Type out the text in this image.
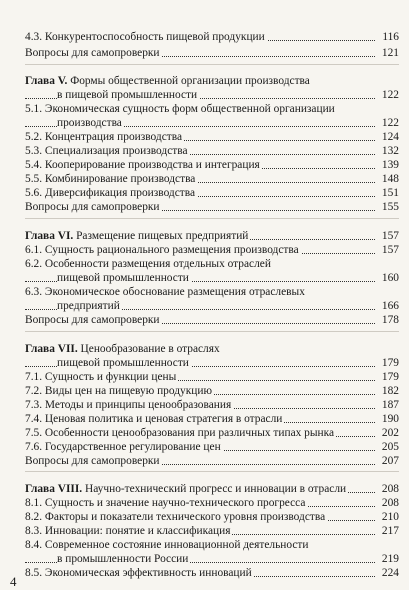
4.3. Конкурентоспособность пищевой продукции	116
Вопросы для самопроверки	121
Глава V. Формы общественной организации производства
в пищевой промышленности	122
5.1. Экономическая сущность форм общественной организации
производства	122
5.2. Концентрация производства	124
5.3. Специализация производства	132
5.4. Кооперирование производства и интеграция	139
5.5. Комбинирование производства	148
5.6. Диверсификация производства	151
Вопросы для самопроверки	155
Глава VI. Размещение пищевых предприятий	157
6.1. Сущность рационального размещения производства	157
6.2. Особенности размещения отдельных отраслей
пищевой промышленности	160
6.3. Экономическое обоснование размещения отраслевых
предприятий	166
Вопросы для самопроверки	178
Глава VII. Ценообразование в отраслях
пищевой промышленности	179
7.1. Сущность и функции цены	179
7.2. Виды цен на пищевую продукцию	182
7.3. Методы и принципы ценообразования	187
7.4. Ценовая политика и ценовая стратегия в отрасли	190
7.5. Особенности ценообразования при различных типах рынка	202
7.6. Государственное регулирование цен	205
Вопросы для самопроверки	207
Глава VIII. Научно-технический прогресс и инновации в отрасли	208
8.1. Сущность и значение научно-технического прогресса	208
8.2. Факторы и показатели технического уровня производства	210
8.3. Инновации: понятие и классификация	217
8.4. Современное состояние инновационной деятельности
в промышленности России	219
8.5. Экономическая эффективность инноваций	224
4
